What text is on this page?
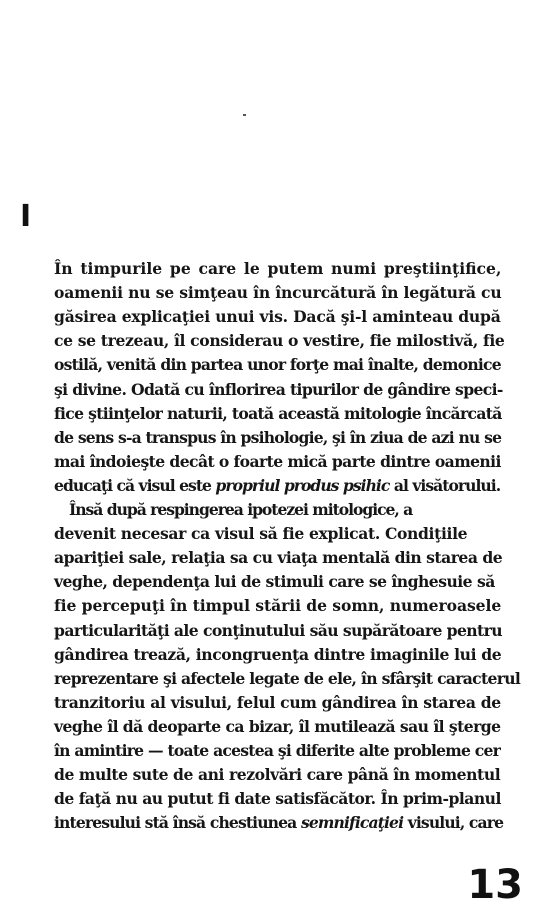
I
În timpurile pe care le putem numi preştiinţifice,
oamenii nu se simţeau în încurcătură în legătură cu
găsirea explicaţiei unui vis. Dacă şi-l aminteau după
ce se trezeau, îl considerau o vestire, fie milostivă, fie
ostilă, venită din partea unor forţe mai înalte, demonice
şi divine. Odată cu înflorirea tipurilor de gândire speci-
fice ştiinţelor naturii, toată această mitologie încărcată
de sens s-a transpus în psihologie, şi în ziua de azi nu se
mai îndoieşte decât o foarte mică parte dintre oamenii
educaţi că visul este propriul produs psihic al visătorului.
Însă după respingerea ipotezei mitologice, a
devenit necesar ca visul să fie explicat. Condiţiile
apariţiei sale, relaţia sa cu viaţa mentală din starea de
veghe, dependenţa lui de stimuli care se înghesuie să
fie percepuţi în timpul stării de somn, numeroasele
particularităţi ale conţinutului său supărătoare pentru
gândirea trează, incongruenţa dintre imaginile lui de
reprezentare şi afectele legate de ele, în sfârşit caracterul
tranzitoriu al visului, felul cum gândirea în starea de
veghe îl dă deoparte ca bizar, îl mutilează sau îl şterge
în amintire — toate acestea şi diferite alte probleme cer
de multe sute de ani rezolvări care până în momentul
de faţă nu au putut fi date satisfăcător. În prim-planul
interesului stă însă chestiunea semnificaţiei visului, care
13
